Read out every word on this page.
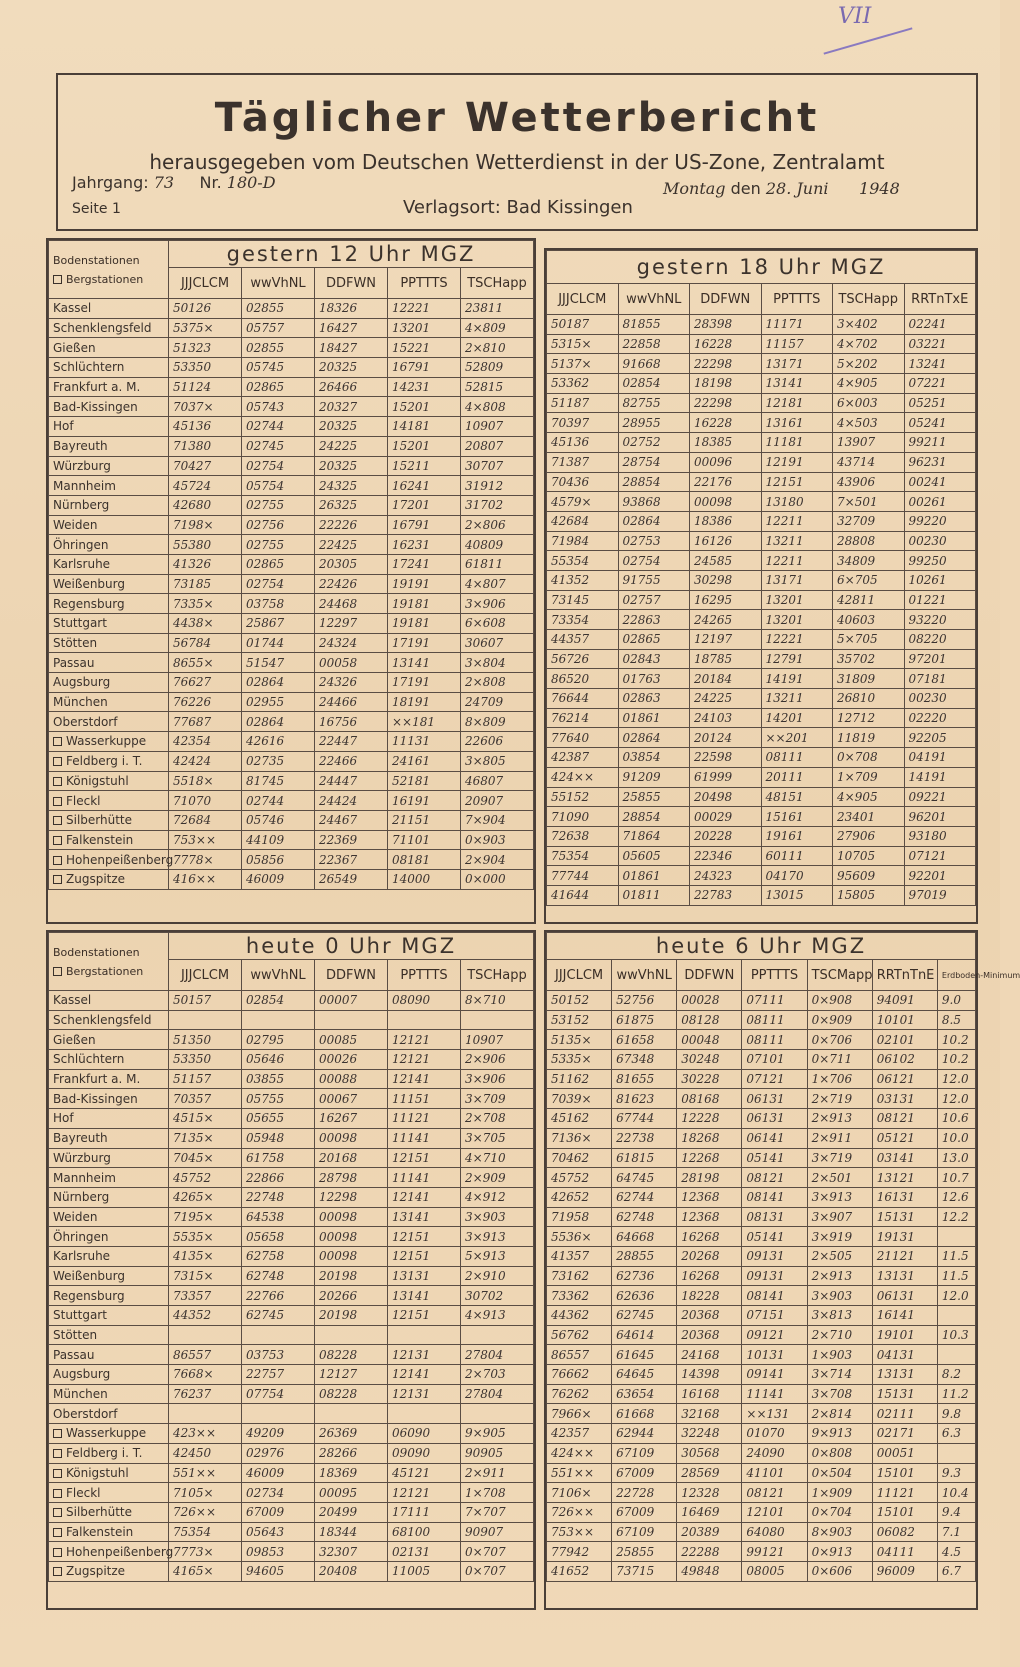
VII
Täglicher Wetterbericht
herausgegeben vom Deutschen Wetterdienst in der US-Zone, Zentralamt
Jahrgang: 73 Nr. 180-D
Seite 1	Verlagsort: Bad Kissingen
Montag den 28. Juni 1948
Bodenstationen
Bergstationen	gestern 12 Uhr MGZ				
	JJJCLCM	wwVhNL	DDFWN	PPTTTS	TSCHapp
Kassel	50126	02855	18326	12221	23811
Schenklengsfeld	5375×	05757	16427	13201	4×809
Gießen	51323	02855	18427	15221	2×810
Schlüchtern	53350	05745	20325	16791	52809
Frankfurt a. M.	51124	02865	26466	14231	52815
Bad-Kissingen	7037×	05743	20327	15201	4×808
Hof	45136	02744	20325	14181	10907
Bayreuth	71380	02745	24225	15201	20807
Würzburg	70427	02754	20325	15211	30707
Mannheim	45724	05754	24325	16241	31912
Nürnberg	42680	02755	26325	17201	31702
Weiden	7198×	02756	22226	16791	2×806
Öhringen	55380	02755	22425	16231	40809
Karlsruhe	41326	02865	20305	17241	61811
Weißenburg	73185	02754	22426	19191	4×807
Regensburg	7335×	03758	24468	19181	3×906
Stuttgart	4438×	25867	12297	19181	6×608
Stötten	56784	01744	24324	17191	30607
Passau	8655×	51547	00058	13141	3×804
Augsburg	76627	02864	24326	17191	2×808
München	76226	02955	24466	18191	24709
Oberstdorf	77687	02864	16756	××181	8×809
Wasserkuppe	42354	42616	22447	11131	22606
Feldberg i. T.	42424	02735	22466	24161	3×805
Königstuhl	5518×	81745	24447	52181	46807
Fleckl	71070	02744	24424	16191	20907
Silberhütte	72684	05746	24467	21151	7×904
Falkenstein	753××	44109	22369	71101	0×903
Hohenpeißenberg	7778×	05856	22367	08181	2×904
Zugspitze	416××	46009	26549	14000	0×000
gestern 18 Uhr MGZ					
JJJCLCM	wwVhNL	DDFWN	PPTTTS	TSCHapp	RRTnTxE
50187	81855	28398	11171	3×402	02241
5315×	22858	16228	11157	4×702	03221
5137×	91668	22298	13171	5×202	13241
53362	02854	18198	13141	4×905	07221
51187	82755	22298	12181	6×003	05251
70397	28955	16228	13161	4×503	05241
45136	02752	18385	11181	13907	99211
71387	28754	00096	12191	43714	96231
70436	28854	22176	12151	43906	00241
4579×	93868	00098	13180	7×501	00261
42684	02864	18386	12211	32709	99220
71984	02753	16126	13211	28808	00230
55354	02754	24585	12211	34809	99250
41352	91755	30298	13171	6×705	10261
73145	02757	16295	13201	42811	01221
73354	22863	24265	13201	40603	93220
44357	02865	12197	12221	5×705	08220
56726	02843	18785	12791	35702	97201
86520	01763	20184	14191	31809	07181
76644	02863	24225	13211	26810	00230
76214	01861	24103	14201	12712	02220
77640	02864	20124	××201	11819	92205
42387	03854	22598	08111	0×708	04191
424××	91209	61999	20111	1×709	14191
55152	25855	20498	48151	4×905	09221
71090	28854	00029	15161	23401	96201
72638	71864	20228	19161	27906	93180
75354	05605	22346	60111	10705	07121
77744	01861	24323	04170	95609	92201
41644	01811	22783	13015	15805	97019
Bodenstationen
Bergstationen	heute 0 Uhr MGZ				
	JJJCLCM	wwVhNL	DDFWN	PPTTTS	TSCHapp
Kassel	50157	02854	00007	08090	8×710
Schenklengsfeld					
Gießen	51350	02795	00085	12121	10907
Schlüchtern	53350	05646	00026	12121	2×906
Frankfurt a. M.	51157	03855	00088	12141	3×906
Bad-Kissingen	70357	05755	00067	11151	3×709
Hof	4515×	05655	16267	11121	2×708
Bayreuth	7135×	05948	00098	11141	3×705
Würzburg	7045×	61758	20168	12151	4×710
Mannheim	45752	22866	28798	11141	2×909
Nürnberg	4265×	22748	12298	12141	4×912
Weiden	7195×	64538	00098	13141	3×903
Öhringen	5535×	05658	00098	12151	3×913
Karlsruhe	4135×	62758	00098	12151	5×913
Weißenburg	7315×	62748	20198	13131	2×910
Regensburg	73357	22766	20266	13141	30702
Stuttgart	44352	62745	20198	12151	4×913
Stötten					
Passau	86557	03753	08228	12131	27804
Augsburg	7668×	22757	12127	12141	2×703
München	76237	07754	08228	12131	27804
Oberstdorf					
Wasserkuppe	423××	49209	26369	06090	9×905
Feldberg i. T.	42450	02976	28266	09090	90905
Königstuhl	551××	46009	18369	45121	2×911
Fleckl	7105×	02734	00095	12121	1×708
Silberhütte	726××	67009	20499	17111	7×707
Falkenstein	75354	05643	18344	68100	90907
Hohenpeißenberg	7773×	09853	32307	02131	0×707
Zugspitze	4165×	94605	20408	11005	0×707
heute 6 Uhr MGZ						
JJJCLCM	wwVhNL	DDFWN	PPTTTS	TSCMapp	RRTnTnE	Erdboden-Minimum
50152	52756	00028	07111	0×908	94091	9.0
53152	61875	08128	08111	0×909	10101	8.5
5135×	61658	00048	08111	0×706	02101	10.2
5335×	67348	30248	07101	0×711	06102	10.2
51162	81655	30228	07121	1×706	06121	12.0
7039×	81623	08168	06131	2×719	03131	12.0
45162	67744	12228	06131	2×913	08121	10.6
7136×	22738	18268	06141	2×911	05121	10.0
70462	61815	12268	05141	3×719	03141	13.0
45752	64745	28198	08121	2×501	13121	10.7
42652	62744	12368	08141	3×913	16131	12.6
71958	62748	12368	08131	3×907	15131	12.2
5536×	64668	16268	05141	3×919	19131	
41357	28855	20268	09131	2×505	21121	11.5
73162	62736	16268	09131	2×913	13131	11.5
73362	62636	18228	08141	3×903	06131	12.0
44362	62745	20368	07151	3×813	16141	
56762	64614	20368	09121	2×710	19101	10.3
86557	61645	24168	10131	1×903	04131	
76662	64645	14398	09141	3×714	13131	8.2
76262	63654	16168	11141	3×708	15131	11.2
7966×	61668	32168	××131	2×814	02111	9.8
42357	62944	32248	01070	9×913	02171	6.3
424××	67109	30568	24090	0×808	00051	
551××	67009	28569	41101	0×504	15101	9.3
7106×	22728	12328	08121	1×909	11121	10.4
726××	67009	16469	12101	0×704	15101	9.4
753××	67109	20389	64080	8×903	06082	7.1
77942	25855	22288	99121	0×913	04111	4.5
41652	73715	49848	08005	0×606	96009	6.7
